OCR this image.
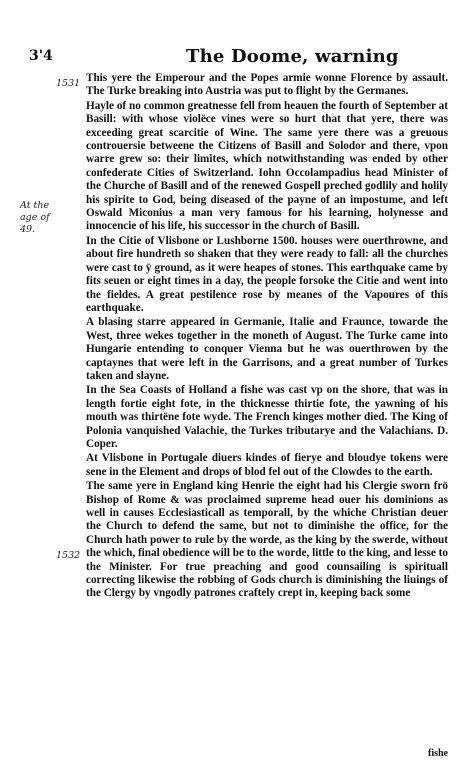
3'4	The Doome, warning
1531
At the age of 49.
1532

This yere the Emperour and the Popes armie wonne Florence by assault. The Turke breaking into Austria was put to flight by the Germanes.

Hayle of no common greatnesse fell from heauen the fourth of September at Basill: with whose violëce vines were so hurt that that yere, there was exceeding great scarcitie of Wine. The same yere there was a greuous controuersie betweene the Citizens of Basill and Solodor and there, vpon warre grew so: their limites, which notwithstanding was ended by other confederate Cities of Switzerland. Iohn Occolampadius head Minister of the Churche of Basill and of the renewed Gospell preched godlily and holily his spirite to God, being diseased of the payne of an impostume, and left Oswald Miconius a man very famous for his learning, holynesse and innocencie of his life, his successor in the church of Basill.

In the Citie of Vlisbone or Lushborne 1500. houses were ouerthrowne, and about fire hundreth so shaken that they were ready to fall: all the churches were cast to ÿ ground, as it were heapes of stones. This earthquake came by fits seuen or eight times in a day, the people forsoke the Citie and went into the fieldes. A great pestilence rose by meanes of the Vapoures of this earthquake.

A blasing starre appeared in Germanie, Italie and Fraunce, towarde the West, three wekes together in the moneth of August. The Turke came into Hungarie entending to conquer Vienna but he was ouerthrowen by the captaynes that were left in the Garrisons, and a great number of Turkes taken and slayne.

In the Sea Coasts of Holland a fishe was cast vp on the shore, that was in length fortie eight fote, in the thicknesse thirtie fote, the yawning of his mouth was thirtëne fote wyde. The French kinges mother died. The King of Polonia vanquished Valachie, the Turkes tributarye and the Valachians. D. Coper.

At Vlisbone in Portugale diuers kindes of fierye and bloudye tokens were sene in the Element and drops of blod fel out of the Clowdes to the earth.

The same yere in England king Henrie the eight had his Clergie sworn frö Bishop of Rome & was proclaimed supreme head ouer his dominions as well in causes Ecclesiasticall as temporall, by the whiche Christian deuer the Church to defend the same, but not to diminishe the office, for the Church hath power to rule by the worde, as the king by the swerde, without the which, final obedience will be to the worde, little to the king, and lesse to the Minister. For true preaching and good counsailing is spirituall correcting likewise the robbing of Gods church is diminishing the liuings of the Clergy by vngodly patrones craftely crept in, keeping back some

fishe
